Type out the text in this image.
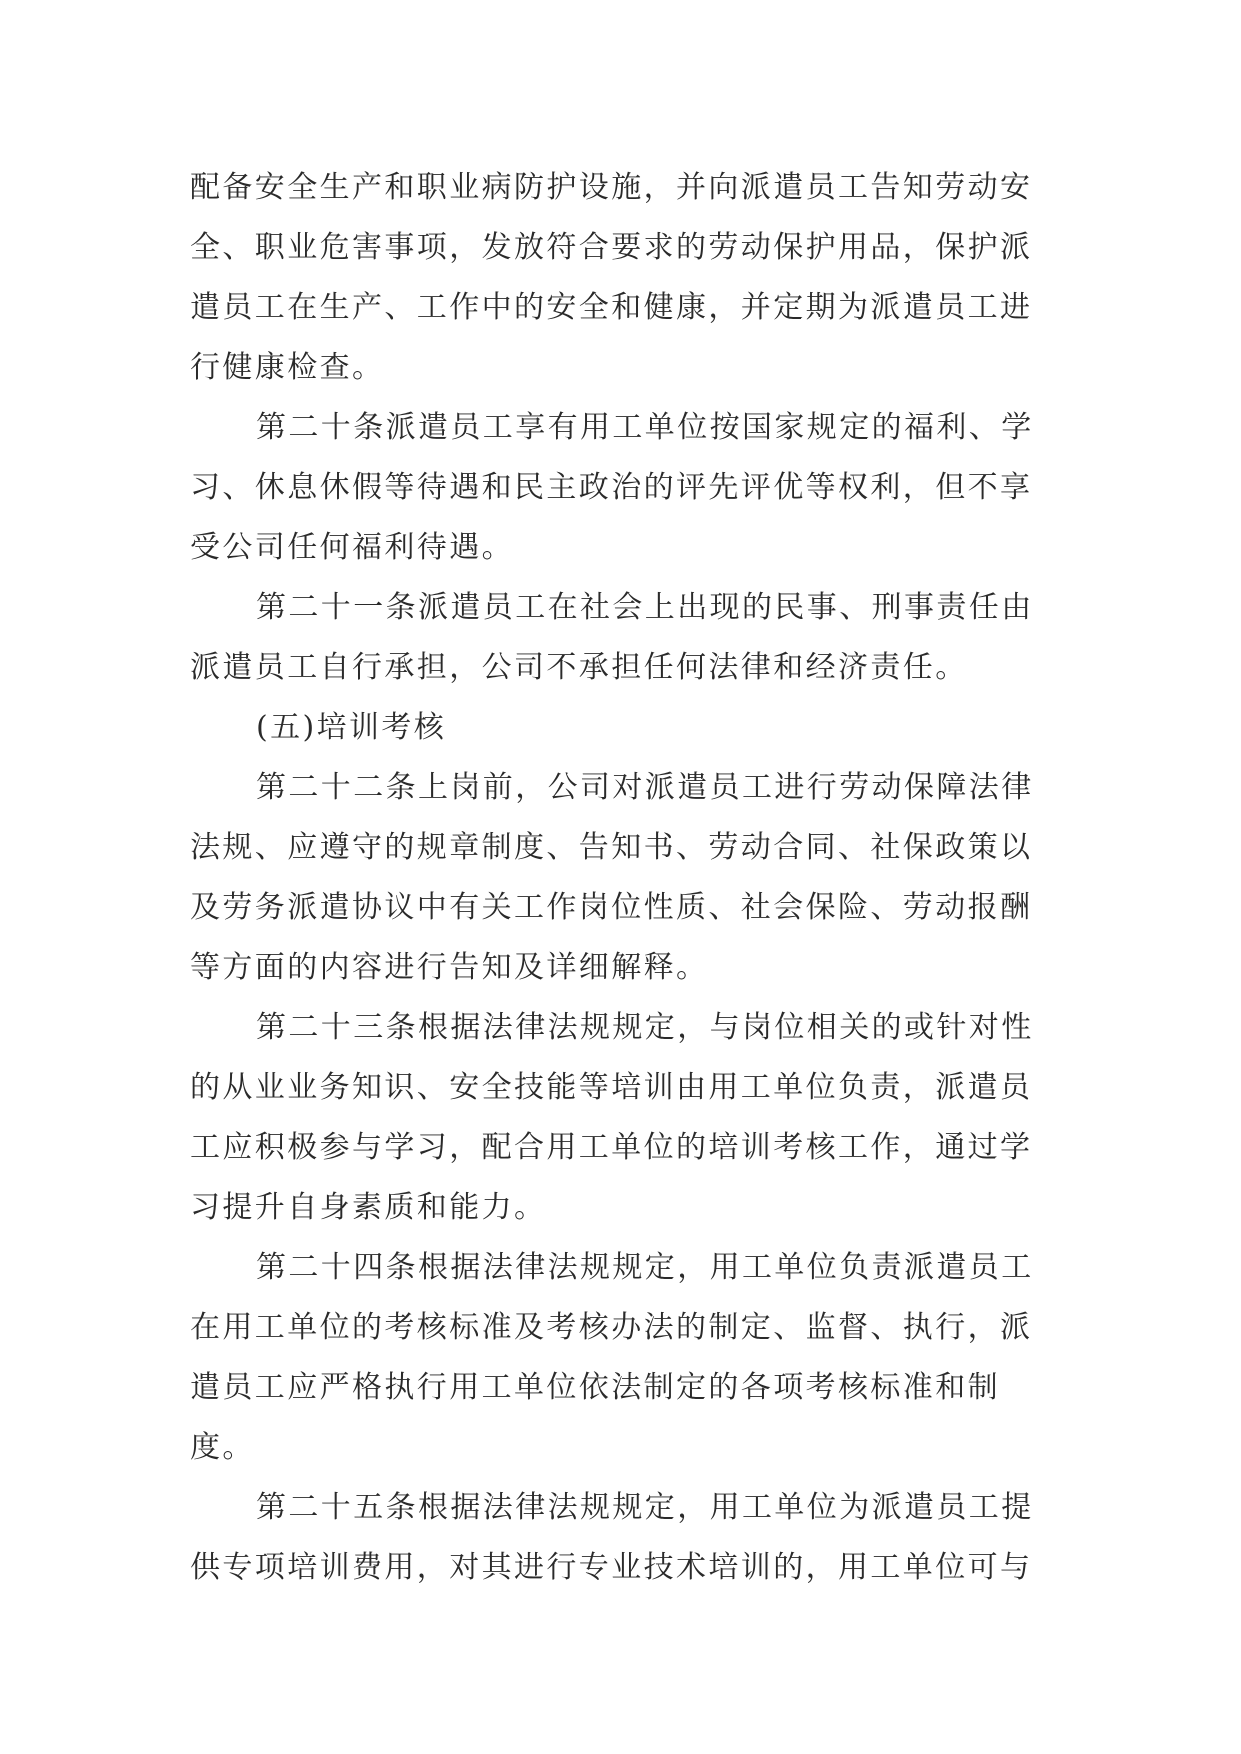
配备安全生产和职业病防护设施，并向派遣员工告知劳动安
全、职业危害事项，发放符合要求的劳动保护用品，保护派
遣员工在生产、工作中的安全和健康，并定期为派遣员工进
行健康检查。
第二十条派遣员工享有用工单位按国家规定的福利、学
习、休息休假等待遇和民主政治的评先评优等权利，但不享
受公司任何福利待遇。
第二十一条派遣员工在社会上出现的民事、刑事责任由
派遣员工自行承担，公司不承担任何法律和经济责任。
(五)培训考核
第二十二条上岗前，公司对派遣员工进行劳动保障法律
法规、应遵守的规章制度、告知书、劳动合同、社保政策以
及劳务派遣协议中有关工作岗位性质、社会保险、劳动报酬
等方面的内容进行告知及详细解释。
第二十三条根据法律法规规定，与岗位相关的或针对性
的从业业务知识、安全技能等培训由用工单位负责，派遣员
工应积极参与学习，配合用工单位的培训考核工作，通过学
习提升自身素质和能力。
第二十四条根据法律法规规定，用工单位负责派遣员工
在用工单位的考核标准及考核办法的制定、监督、执行，派
遣员工应严格执行用工单位依法制定的各项考核标准和制
度。
第二十五条根据法律法规规定，用工单位为派遣员工提
供专项培训费用，对其进行专业技术培训的，用工单位可与
